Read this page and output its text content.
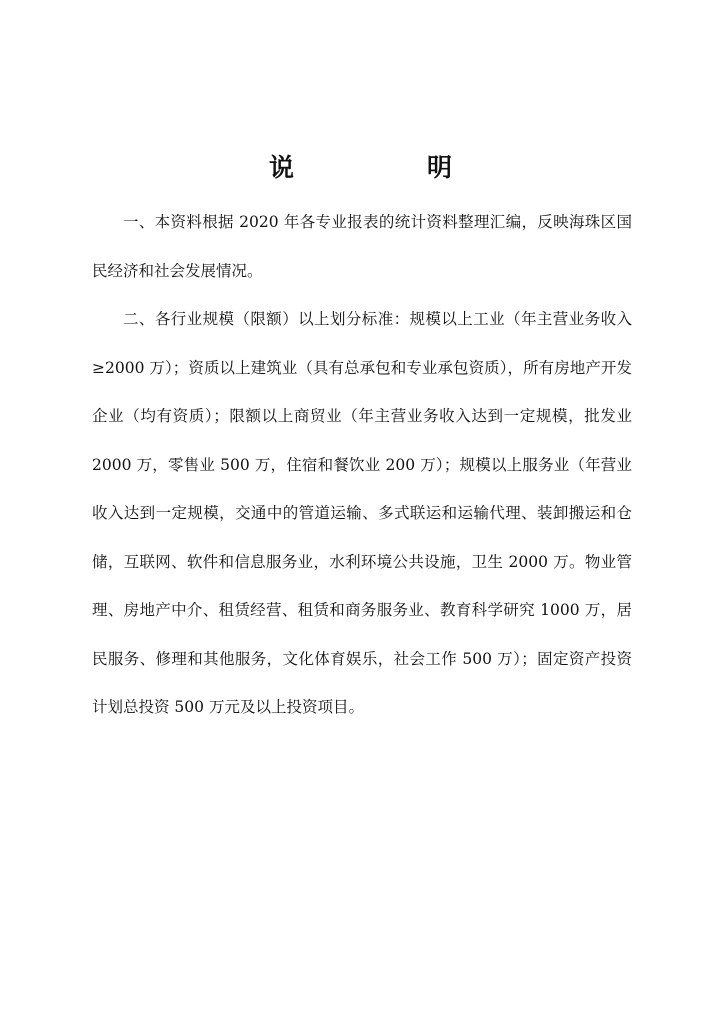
说　明

一、本资料根据 2020 年各专业报表的统计资料整理汇编，反映海珠区国民经济和社会发展情况。

二、各行业规模（限额）以上划分标准：规模以上工业（年主营业务收入≥2000 万）；资质以上建筑业（具有总承包和专业承包资质），所有房地产开发企业（均有资质）；限额以上商贸业（年主营业务收入达到一定规模，批发业 2000 万，零售业 500 万，住宿和餐饮业 200 万）；规模以上服务业（年营业收入达到一定规模，交通中的管道运输、多式联运和运输代理、装卸搬运和仓储，互联网、软件和信息服务业，水利环境公共设施，卫生 2000 万。物业管理、房地产中介、租赁经营、租赁和商务服务业、教育科学研究 1000 万，居民服务、修理和其他服务，文化体育娱乐，社会工作 500 万）；固定资产投资计划总投资 500 万元及以上投资项目。
